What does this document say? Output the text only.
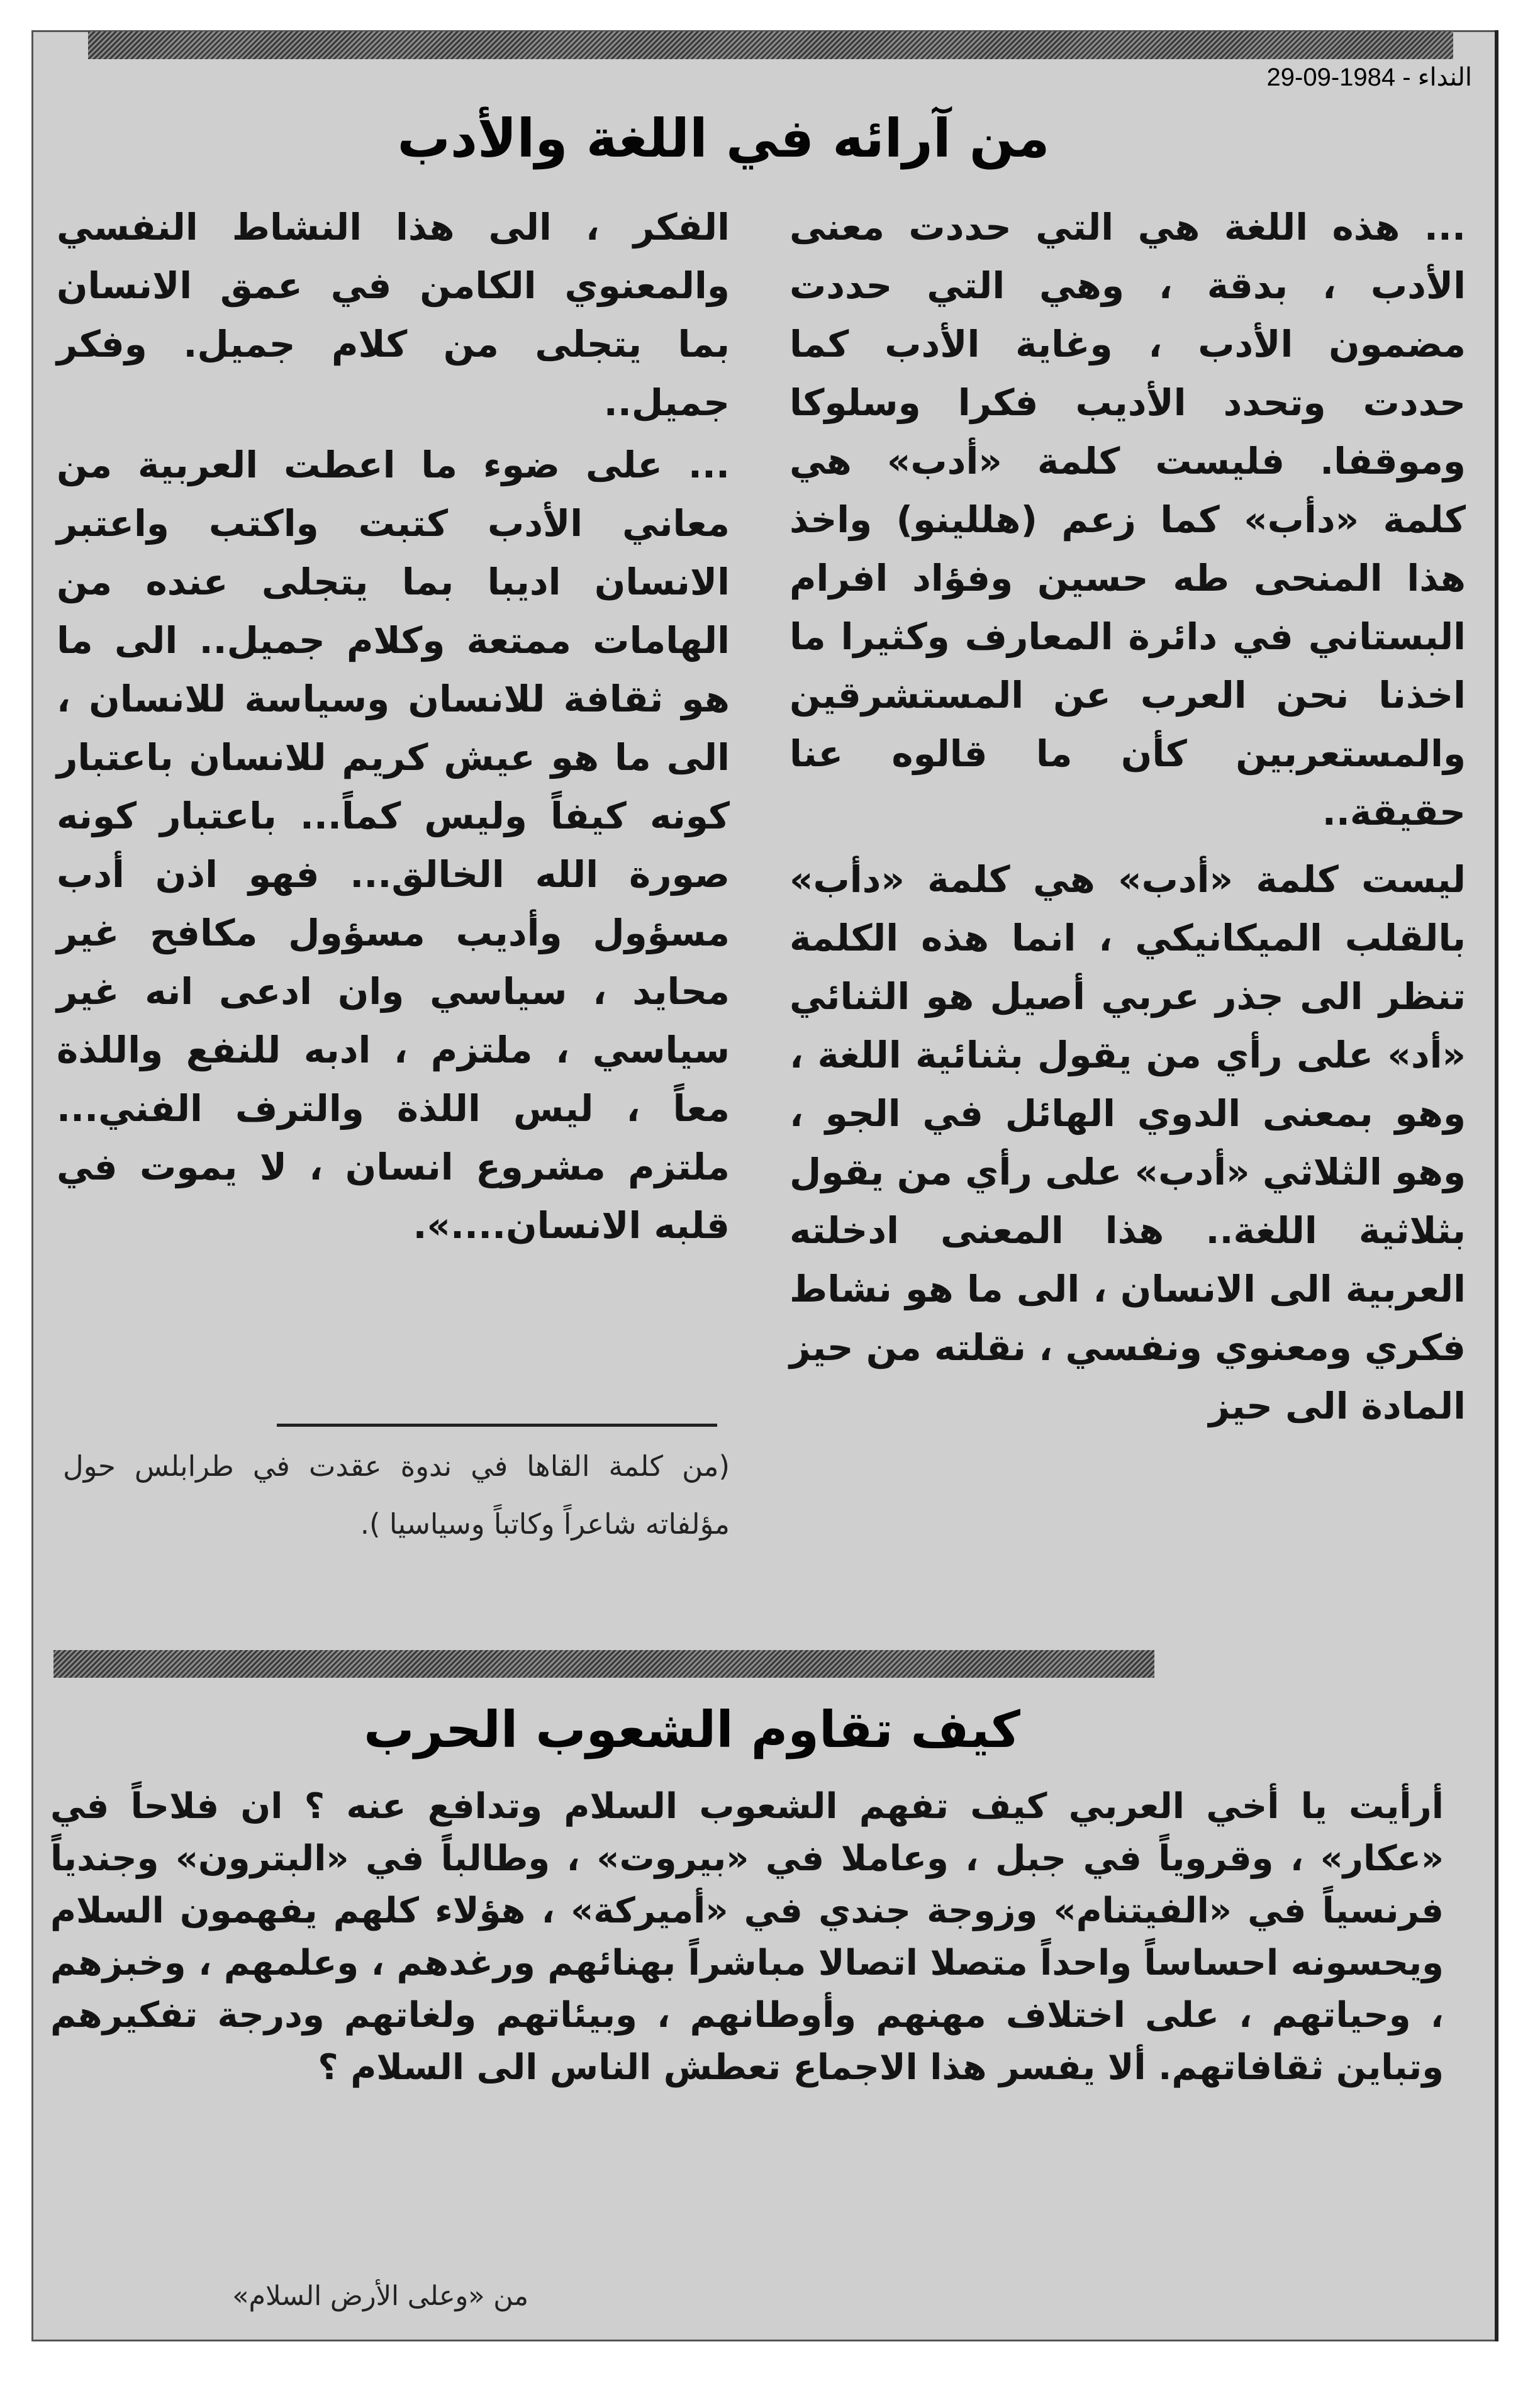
النداء - 1984-09-29
من آرائه في اللغة والأدب

... هذه اللغة هي التي حددت معنى الأدب ، بدقة ، وهي التي حددت مضمون الأدب ، وغاية الأدب كما حددت وتحدد الأديب فكرا وسلوكا وموقفا. فليست كلمة «أدب» هي كلمة «دأب» كما زعم (هللينو) واخذ هذا المنحى طه حسين وفؤاد افرام البستاني في دائرة المعارف وكثيرا ما اخذنا نحن العرب عن المستشرقين والمستعربين كأن ما قالوه عنا حقيقة..

ليست كلمة «أدب» هي كلمة «دأب» بالقلب الميكانيكي ، انما هذه الكلمة تنظر الى جذر عربي أصيل هو الثنائي «أد» على رأي من يقول بثنائية اللغة ، وهو بمعنى الدوي الهائل في الجو ، وهو الثلاثي «أدب» على رأي من يقول بثلاثية اللغة.. هذا المعنى ادخلته العربية الى الانسان ، الى ما هو نشاط فكري ومعنوي ونفسي ، نقلته من حيز المادة الى حيز

الفكر ، الى هذا النشاط النفسي والمعنوي الكامن في عمق الانسان بما يتجلى من كلام جميل. وفكر جميل..

... على ضوء ما اعطت العربية من معاني الأدب كتبت واكتب واعتبر الانسان اديبا بما يتجلى عنده من الهامات ممتعة وكلام جميل.. الى ما هو ثقافة للانسان وسياسة للانسان ، الى ما هو عيش كريم للانسان باعتبار كونه كيفاً وليس كماً... باعتبار كونه صورة الله الخالق... فهو اذن أدب مسؤول وأديب مسؤول مكافح غير محايد ، سياسي وان ادعى انه غير سياسي ، ملتزم ، ادبه للنفع واللذة معاً ، ليس اللذة والترف الفني... ملتزم مشروع انسان ، لا يموت في قلبه الانسان....».

(من كلمة القاها في ندوة عقدت في طرابلس حول مؤلفاته شاعراً وكاتباً وسياسيا ).
كيف تقاوم الشعوب الحرب

أرأيت يا أخي العربي كيف تفهم الشعوب السلام وتدافع عنه ؟ ان فلاحاً في «عكار» ، وقروياً في جبل ، وعاملا في «بيروت» ، وطالباً في «البترون» وجندياً فرنسياً في «الفيتنام» وزوجة جندي في «أميركة» ، هؤلاء كلهم يفهمون السلام ويحسونه احساساً واحداً متصلا اتصالا مباشراً بهنائهم ورغدهم ، وعلمهم ، وخبزهم ، وحياتهم ، على اختلاف مهنهم وأوطانهم ، وبيئاتهم ولغاتهم ودرجة تفكيرهم وتباين ثقافاتهم. ألا يفسر هذا الاجماع تعطش الناس الى السلام ؟

من «وعلى الأرض السلام»
